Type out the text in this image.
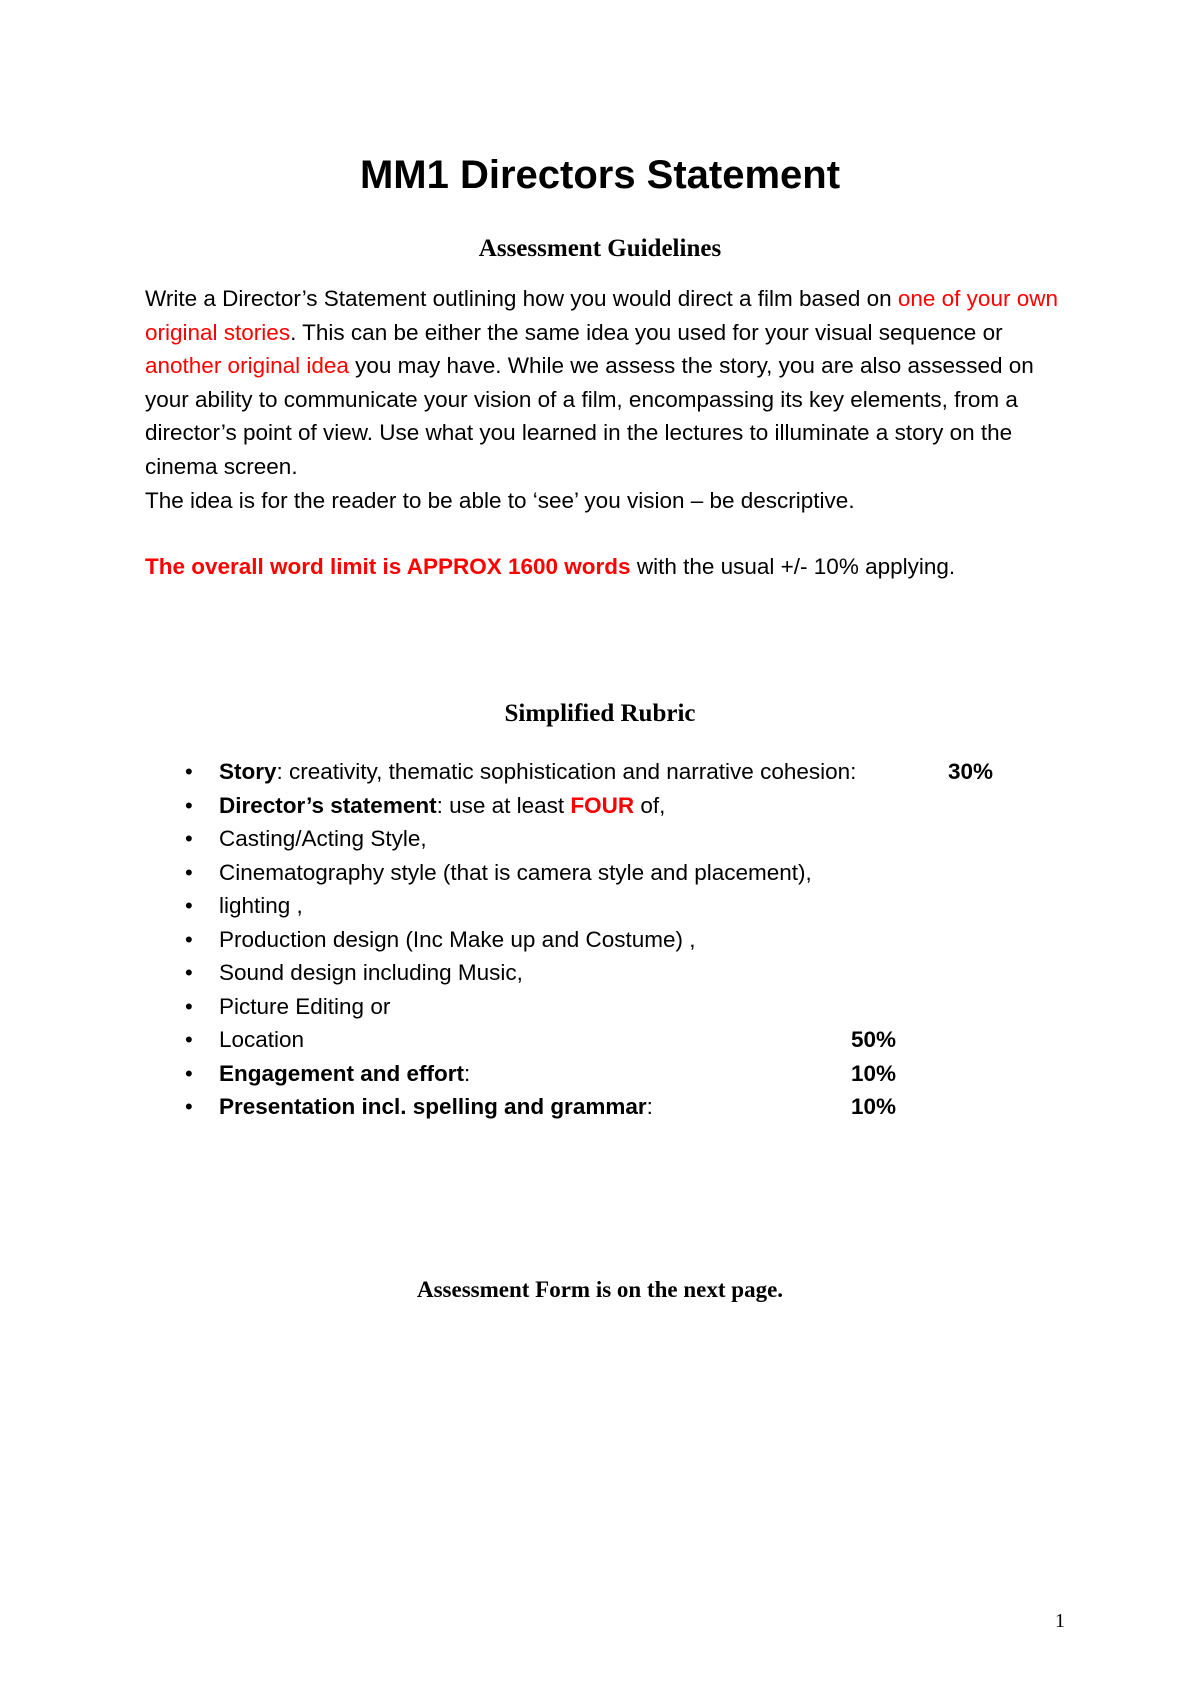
MM1 Directors Statement
Assessment Guidelines
Write a Director’s Statement outlining how you would direct a film based on one of your own original stories. This can be either the same idea you used for your visual sequence or another original idea you may have. While we assess the story, you are also assessed on your ability to communicate your vision of a film, encompassing its key elements, from a director’s point of view. Use what you learned in the lectures to illuminate a story on the cinema screen.
The idea is for the reader to be able to ‘see’ you vision – be descriptive.
The overall word limit is APPROX 1600 words with the usual +/- 10% applying.
Simplified Rubric
• Story: creativity, thematic sophistication and narrative cohesion:	30%
• Director’s statement: use at least FOUR of,
• Casting/Acting Style,
• Cinematography style (that is camera style and placement),
• lighting ,
• Production design (Inc Make up and Costume) ,
• Sound design including Music,
• Picture Editing or
• Location	50%
• Engagement and effort:	10%
• Presentation incl. spelling and grammar:	10%
Assessment Form is on the next page.
1
